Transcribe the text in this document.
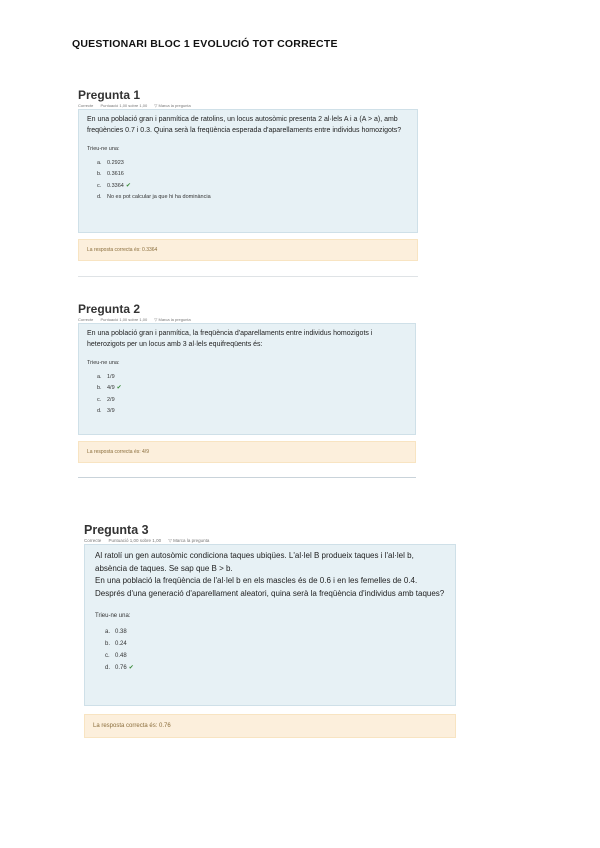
QUESTIONARI BLOC 1 EVOLUCIÓ TOT CORRECTE
Pregunta 1
Correcte Puntuació 1,00 sobre 1,00 ▽ Marca la pregunta

En una població gran i panmítica de ratolins, un locus autosòmic presenta 2 al·lels A i a (A > a), amb freqüències 0.7 i 0.3. Quina serà la freqüència esperada d'aparellaments entre individus homozigots?

Trieu-ne una:

a. 0.2923
b. 0.3616
c. 0.3364 ✔
d. No es pot calcular ja que hi ha dominància
La resposta correcta és: 0.3364
Pregunta 2
Correcte Puntuació 1,00 sobre 1,00 ▽ Marca la pregunta

En una població gran i panmítica, la freqüència d'aparellaments entre individus homozigots i heterozigots per un locus amb 3 al·lels equifreqüents és:

Trieu-ne una:

a. 1/9
b. 4/9 ✔
c. 2/9
d. 3/9
La resposta correcta és: 4/9
Pregunta 3
Correcte Puntuació 1,00 sobre 1,00 ▽ Marca la pregunta

Al ratolí un gen autosòmic condiciona taques ubiqües. L'al·lel B produeix taques i l'al·lel b, absència de taques. Se sap que B > b.
En una població la freqüència de l'al·lel b en els mascles és de 0.6 i en les femelles de 0.4.
Després d'una generació d'aparellament aleatori, quina serà la freqüència d'individus amb taques?

Trieu-ne una:

a. 0.38
b. 0.24
c. 0.48
d. 0.76 ✔
La resposta correcta és: 0.76
